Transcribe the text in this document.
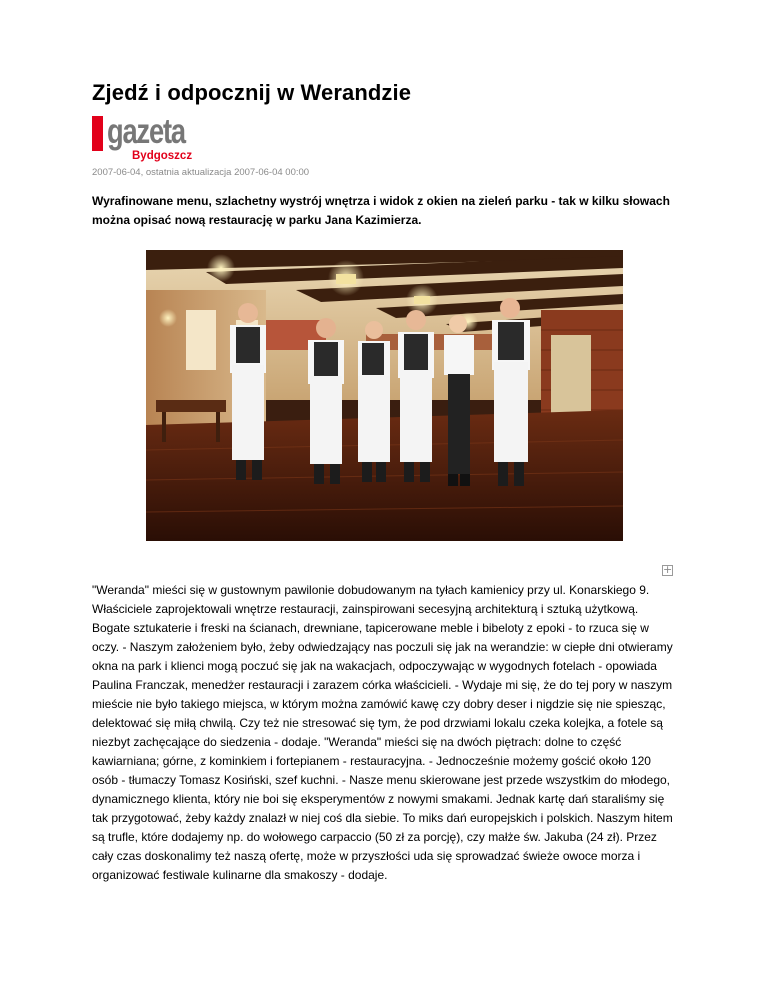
Zjedź i odpocznij w Werandzie
gazeta
Bydgoszcz
2007-06-04, ostatnia aktualizacja 2007-06-04 00:00

Wyrafinowane menu, szlachetny wystrój wnętrza i widok z okien na zieleń parku - tak w kilku słowach można opisać nową restaurację w parku Jana Kazimierza.

+

"Weranda" mieści się w gustownym pawilonie dobudowanym na tyłach kamienicy przy ul. Konarskiego 9. Właściciele zaprojektowali wnętrze restauracji, zainspirowani secesyjną architekturą i sztuką użytkową. Bogate sztukaterie i freski na ścianach, drewniane, tapicerowane meble i bibeloty z epoki - to rzuca się w oczy. - Naszym założeniem było, żeby odwiedzający nas poczuli się jak na werandzie: w ciepłe dni otwieramy okna na park i klienci mogą poczuć się jak na wakacjach, odpoczywając w wygodnych fotelach - opowiada Paulina Franczak, menedżer restauracji i zarazem córka właścicieli. - Wydaje mi się, że do tej pory w naszym mieście nie było takiego miejsca, w którym można zamówić kawę czy dobry deser i nigdzie się nie spiesząc, delektować się miłą chwilą. Czy też nie stresować się tym, że pod drzwiami lokalu czeka kolejka, a fotele są niezbyt zachęcające do siedzenia - dodaje. "Weranda" mieści się na dwóch piętrach: dolne to część kawiarniana; górne, z kominkiem i fortepianem - restauracyjna. - Jednocześnie możemy gościć około 120 osób - tłumaczy Tomasz Kosiński, szef kuchni. - Nasze menu skierowane jest przede wszystkim do młodego, dynamicznego klienta, który nie boi się eksperymentów z nowymi smakami. Jednak kartę dań staraliśmy się tak przygotować, żeby każdy znalazł w niej coś dla siebie. To miks dań europejskich i polskich. Naszym hitem są trufle, które dodajemy np. do wołowego carpaccio (50 zł za porcję), czy małże św. Jakuba (24 zł). Przez cały czas doskonalimy też naszą ofertę, może w przyszłości uda się sprowadzać świeże owoce morza i organizować festiwale kulinarne dla smakoszy - dodaje.
